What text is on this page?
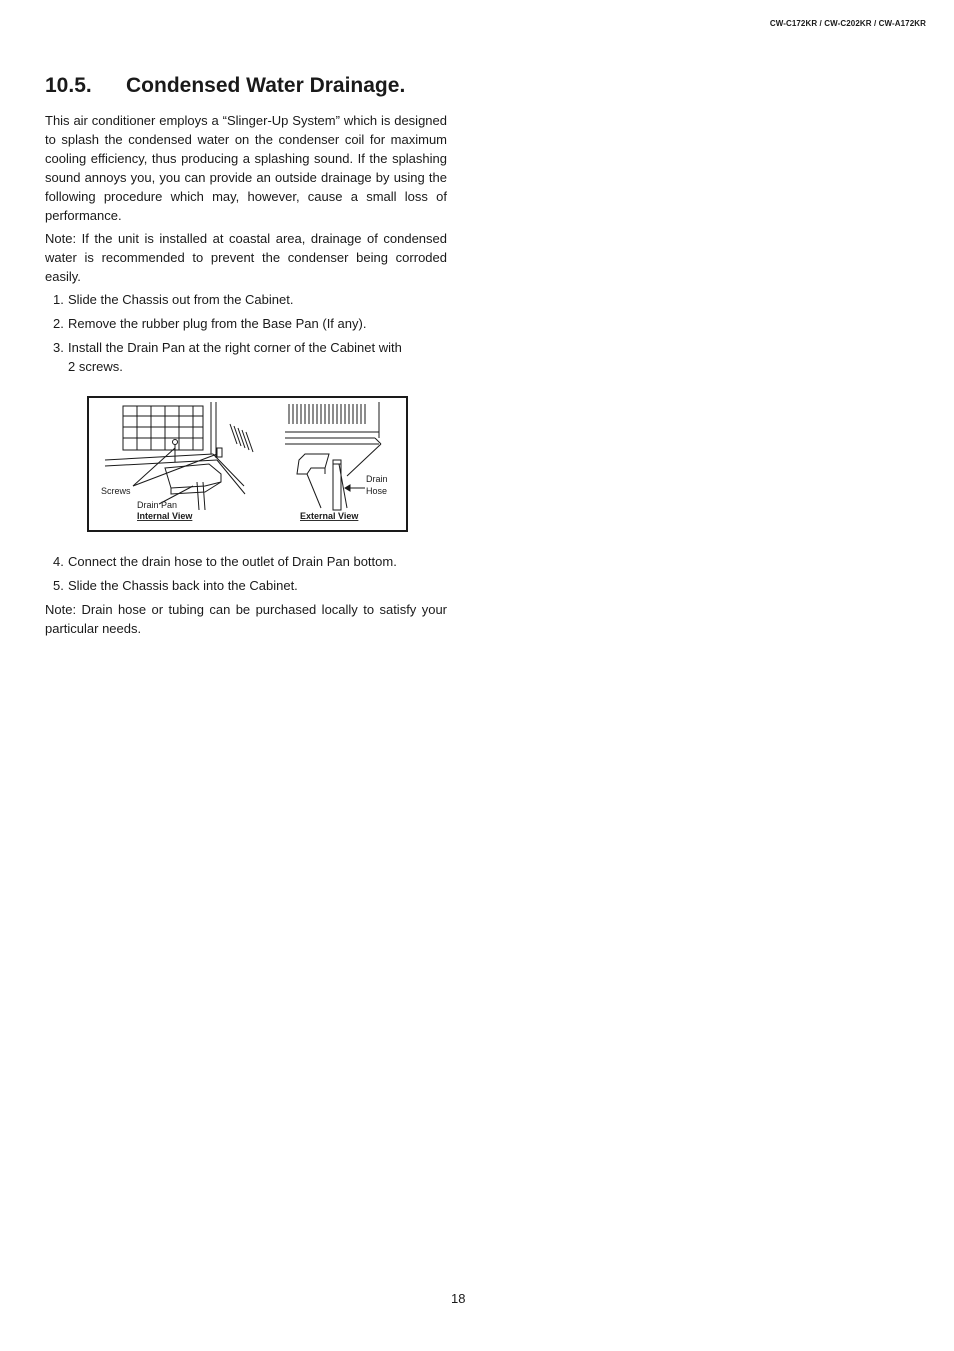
CW-C172KR / CW-C202KR / CW-A172KR
10.5. Condensed Water Drainage.

This air conditioner employs a “Slinger-Up System” which is designed to splash the condensed water on the condenser coil for maximum cooling efficiency, thus producing a splashing sound. If the splashing sound annoys you, you can provide an outside drainage by using the following procedure which may, however, cause a small loss of performance.

Note: If the unit is installed at coastal area, drainage of condensed water is recommended to prevent the condenser being corroded easily.

1. Slide the Chassis out from the Cabinet.
2. Remove the rubber plug from the Base Pan (If any).
3. Install the Drain Pan at the right corner of the Cabinet with 2 screws.
Screws
Drain Pan
Internal View
Drain
Hose
External View
4. Connect the drain hose to the outlet of Drain Pan bottom.
5. Slide the Chassis back into the Cabinet.

Note: Drain hose or tubing can be purchased locally to satisfy your particular needs.

18
